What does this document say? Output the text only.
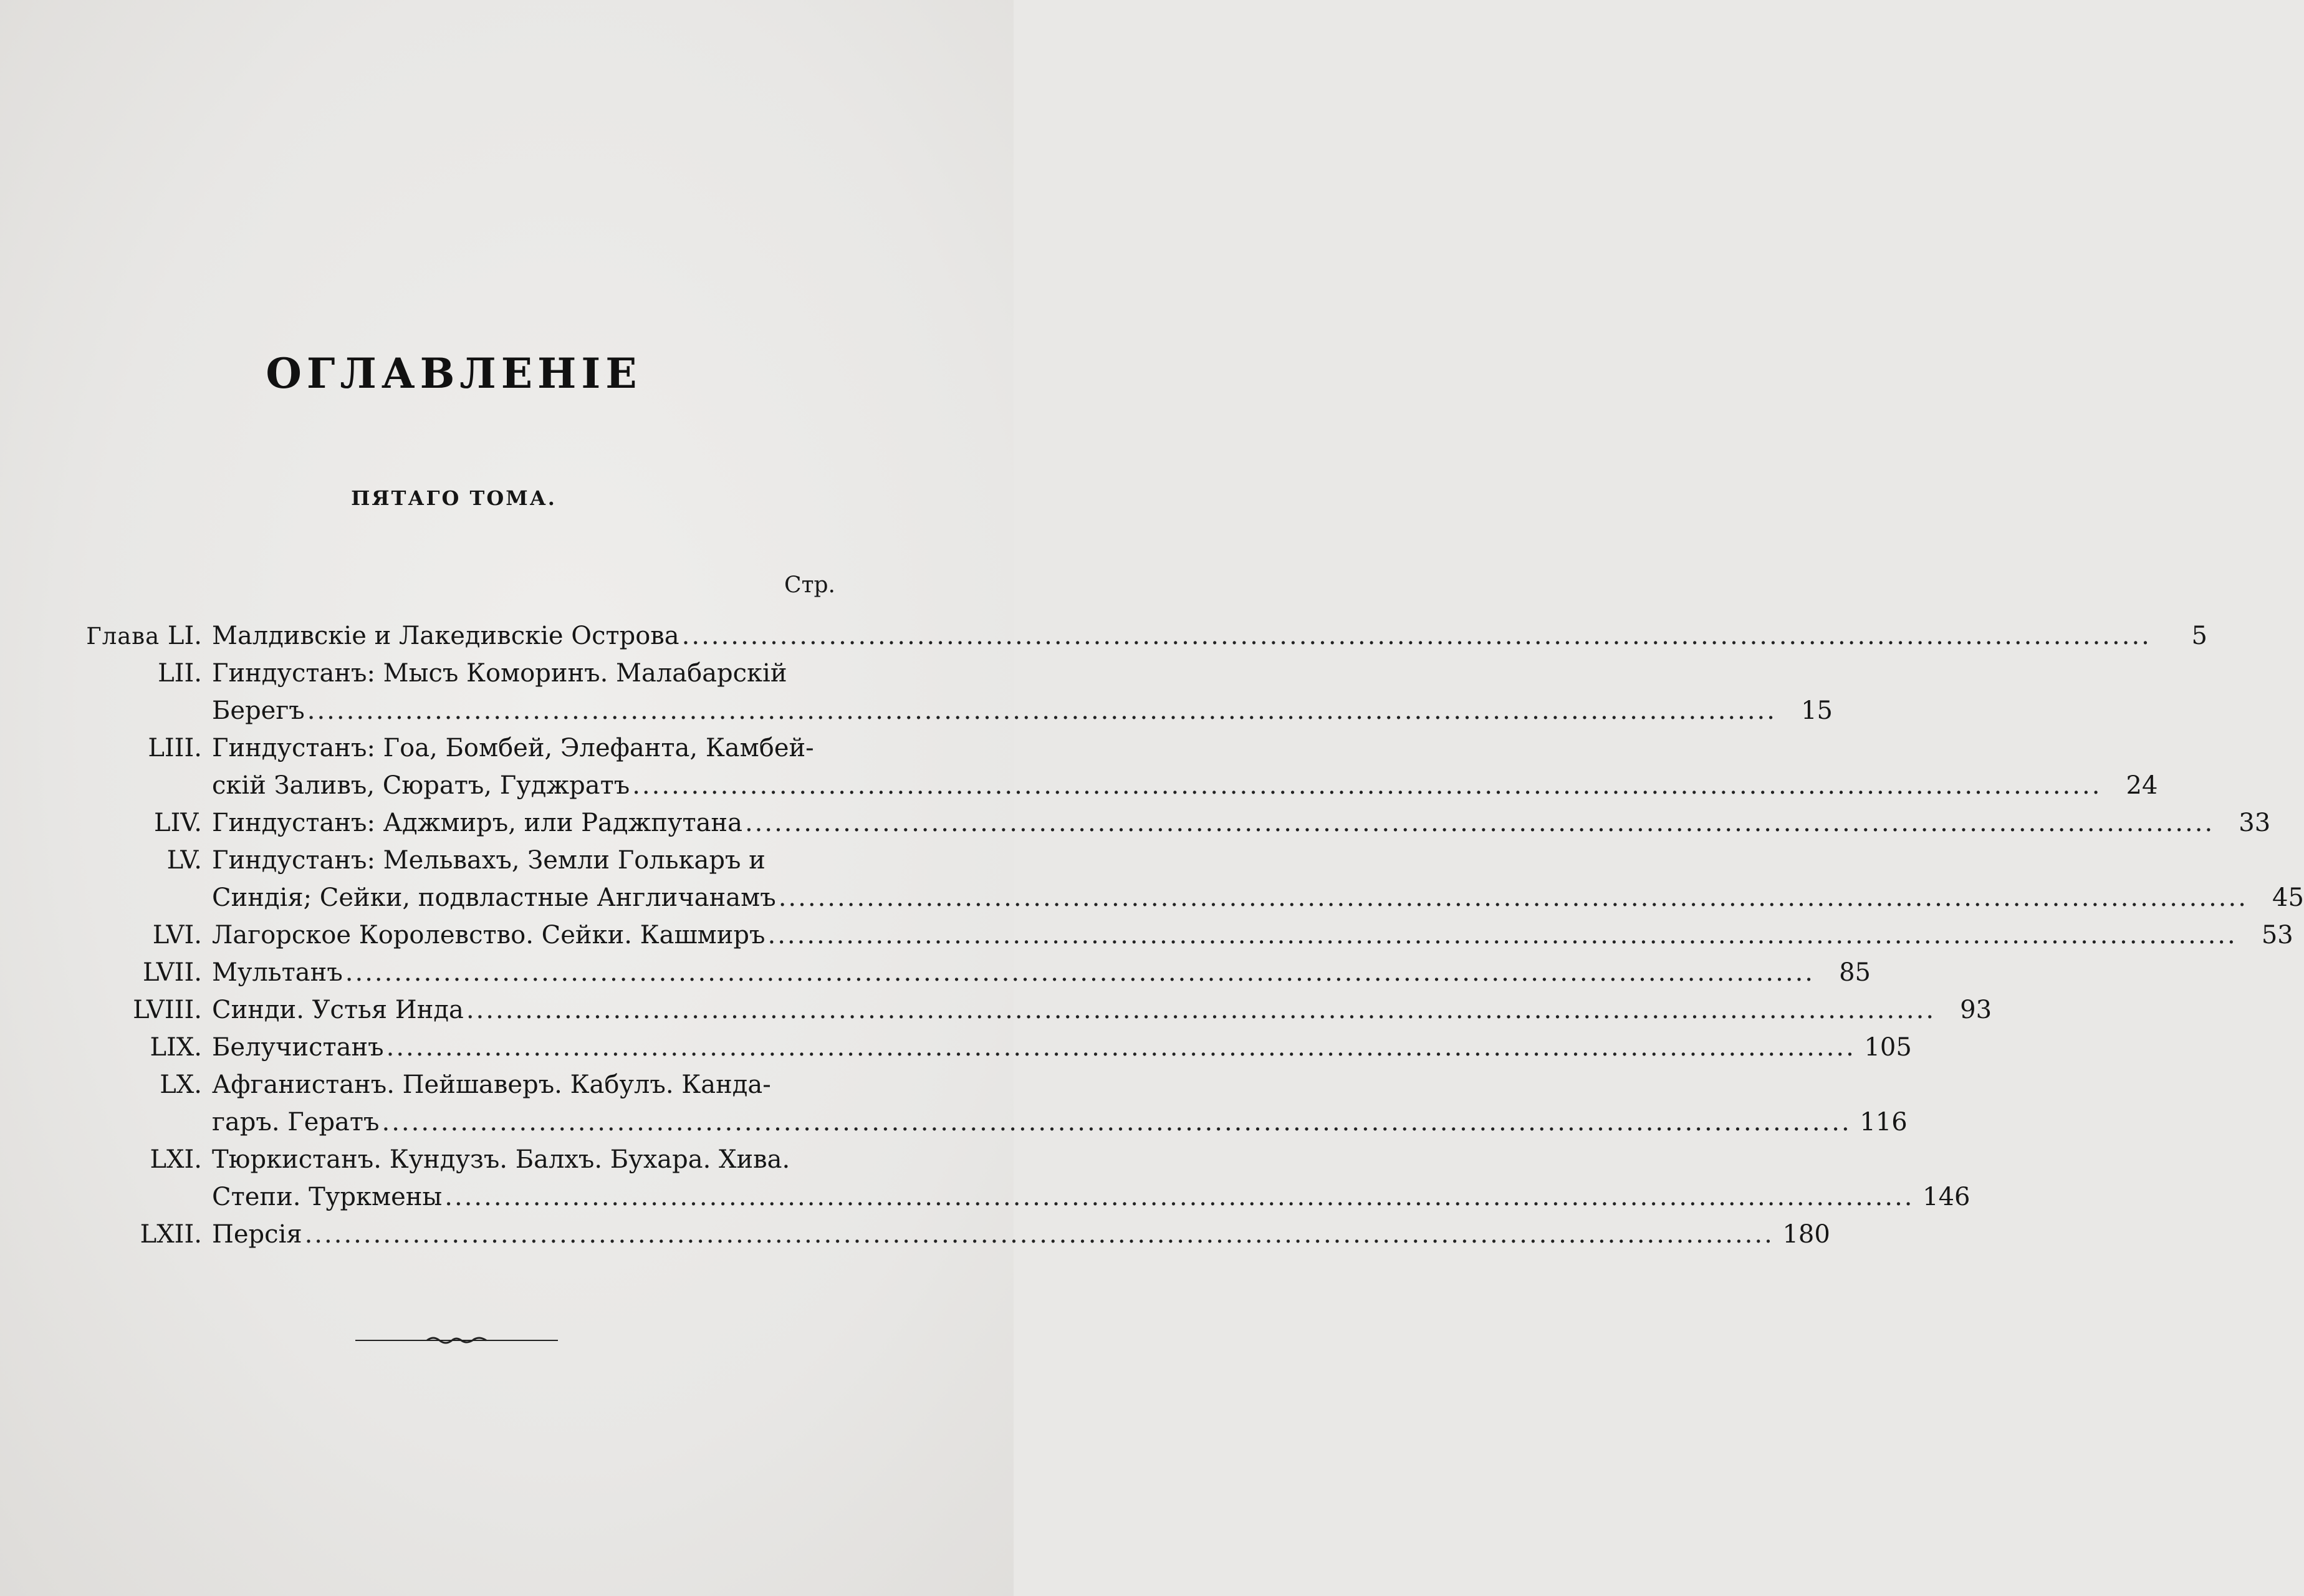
ОГЛАВЛЕНІЕ
ПЯТАГО ТОМА.
Стр.
Глава LI. Малдивскіе и Лакедивскіе Острова .....	5
LII. Гиндустанъ: Мысъ Коморинъ. Малабарскій
Берегъ .....	15
LIII. Гиндустанъ: Гоа, Бомбей, Элефанта, Камбей-
скій Заливъ, Сюратъ, Гуджратъ .....	24
LIV. Гиндустанъ: Аджмиръ, или Раджпутана .....	33
LV. Гиндустанъ: Мельвахъ, Земли Голькаръ и
Синдія; Сейки, подвластные Англичанамъ .....	45
LVI. Лагорское Королевство. Сейки. Кашмиръ .....	53
LVII. Мультанъ .....	85
LVIII. Синди. Устья Инда .....	93
LIX. Белучистанъ .....	105
LX. Афганистанъ. Пейшаверъ. Кабулъ. Канда-
гаръ. Гератъ .....	116
LXI. Тюркистанъ. Кундузъ. Балхъ. Бухара. Хива.
Степи. Туркмены .....	146
LXII. Персія .....	180
